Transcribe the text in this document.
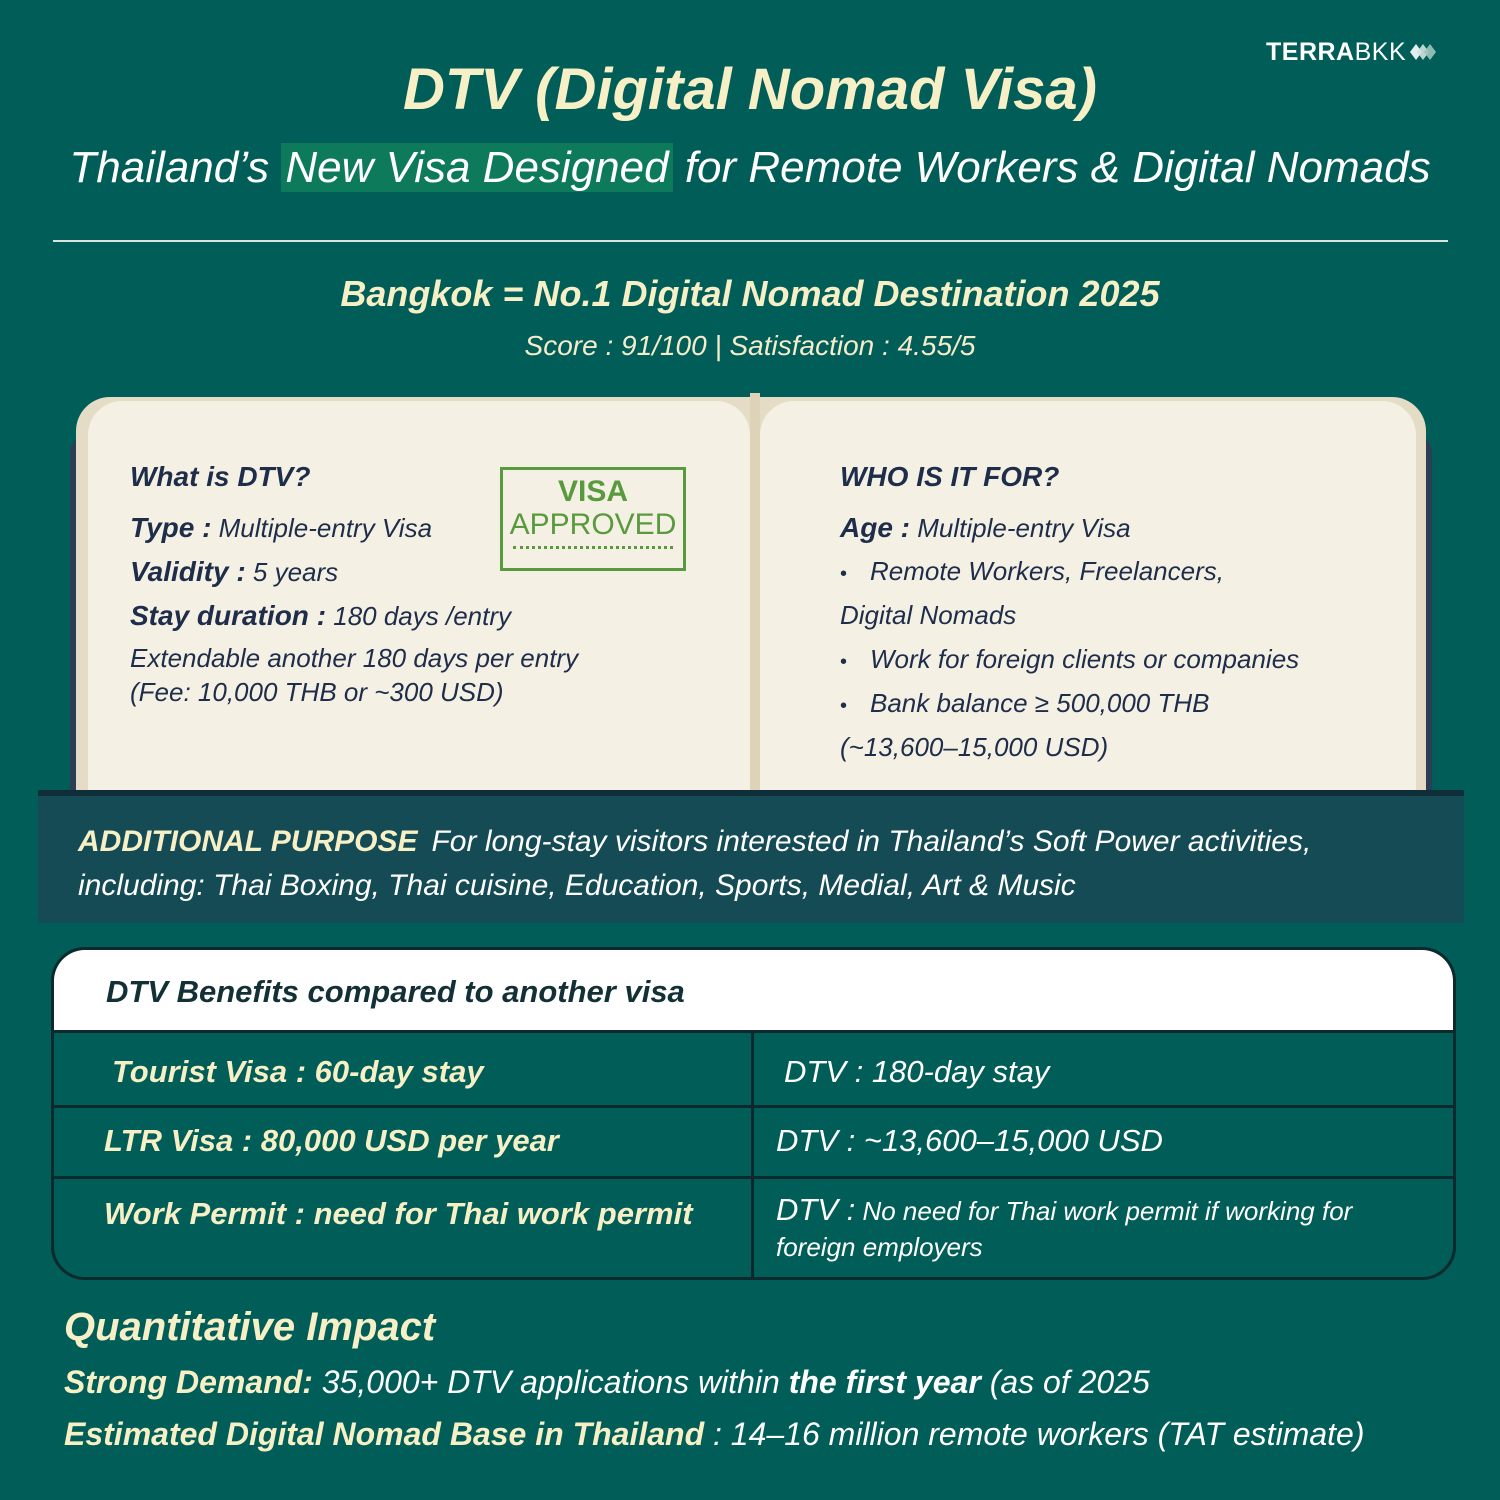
TERRA BKK
DTV (Digital Nomad Visa)
Thailand’s New Visa Designed for Remote Workers & Digital Nomads
Bangkok = No.1 Digital Nomad Destination 2025
Score : 91/100 | Satisfaction : 4.55/5
What is DTV?
Type : Multiple-entry Visa
Validity : 5 years
Stay duration : 180 days /entry
Extendable another 180 days per entry
(Fee: 10,000 THB or ~300 USD)
VISA
APPROVED
WHO IS IT FOR?
Age : Multiple-entry Visa
• Remote Workers, Freelancers,
Digital Nomads
• Work for foreign clients or companies
• Bank balance ≥ 500,000 THB
(~13,600–15,000 USD)
ADDITIONAL PURPOSE For long-stay visitors interested in Thailand’s Soft Power activities, including: Thai Boxing, Thai cuisine, Education, Sports, Medial, Art & Music
DTV Benefits compared to another visa
Tourist Visa : 60-day stay	DTV : 180-day stay
LTR Visa : 80,000 USD per year	DTV : ~13,600–15,000 USD
Work Permit : need for Thai work permit	DTV : No need for Thai work permit if working for foreign employers
Quantitative Impact
Strong Demand: 35,000+ DTV applications within the first year (as of 2025
Estimated Digital Nomad Base in Thailand : 14–16 million remote workers (TAT estimate)
